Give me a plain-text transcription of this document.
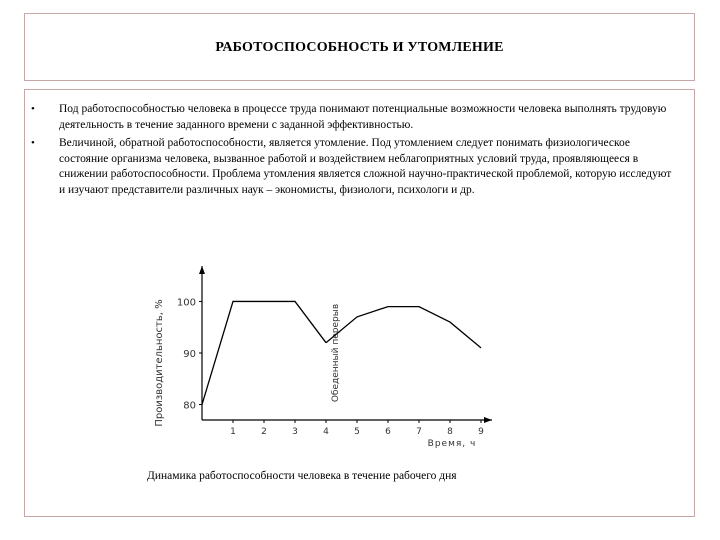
РАБОТОСПОСОБНОСТЬ И УТОМЛЕНИЕ
• Под работоспособностью человека в процессе труда понимают потенциальные возможности человека выполнять трудовую деятельность в течение заданного времени с заданной эффективностью.
• Величиной, обратной работоспособности, является утомление. Под утомлением следует понимать физиологическое состояние организма человека, вызванное работой и воздействием неблагоприятных условий труда, проявляющееся в снижении работоспособности. Проблема утомления является сложной научно-практической проблемой, которую исследуют и изучают представители различных наук – экономисты, физиологи, психологи и др.
80
90
100
1	2	3	4	5	6	7	8	9
Производительность, %
Время, ч
Обеденный перерыв
Динамика работоспособности человека в течение рабочего дня
